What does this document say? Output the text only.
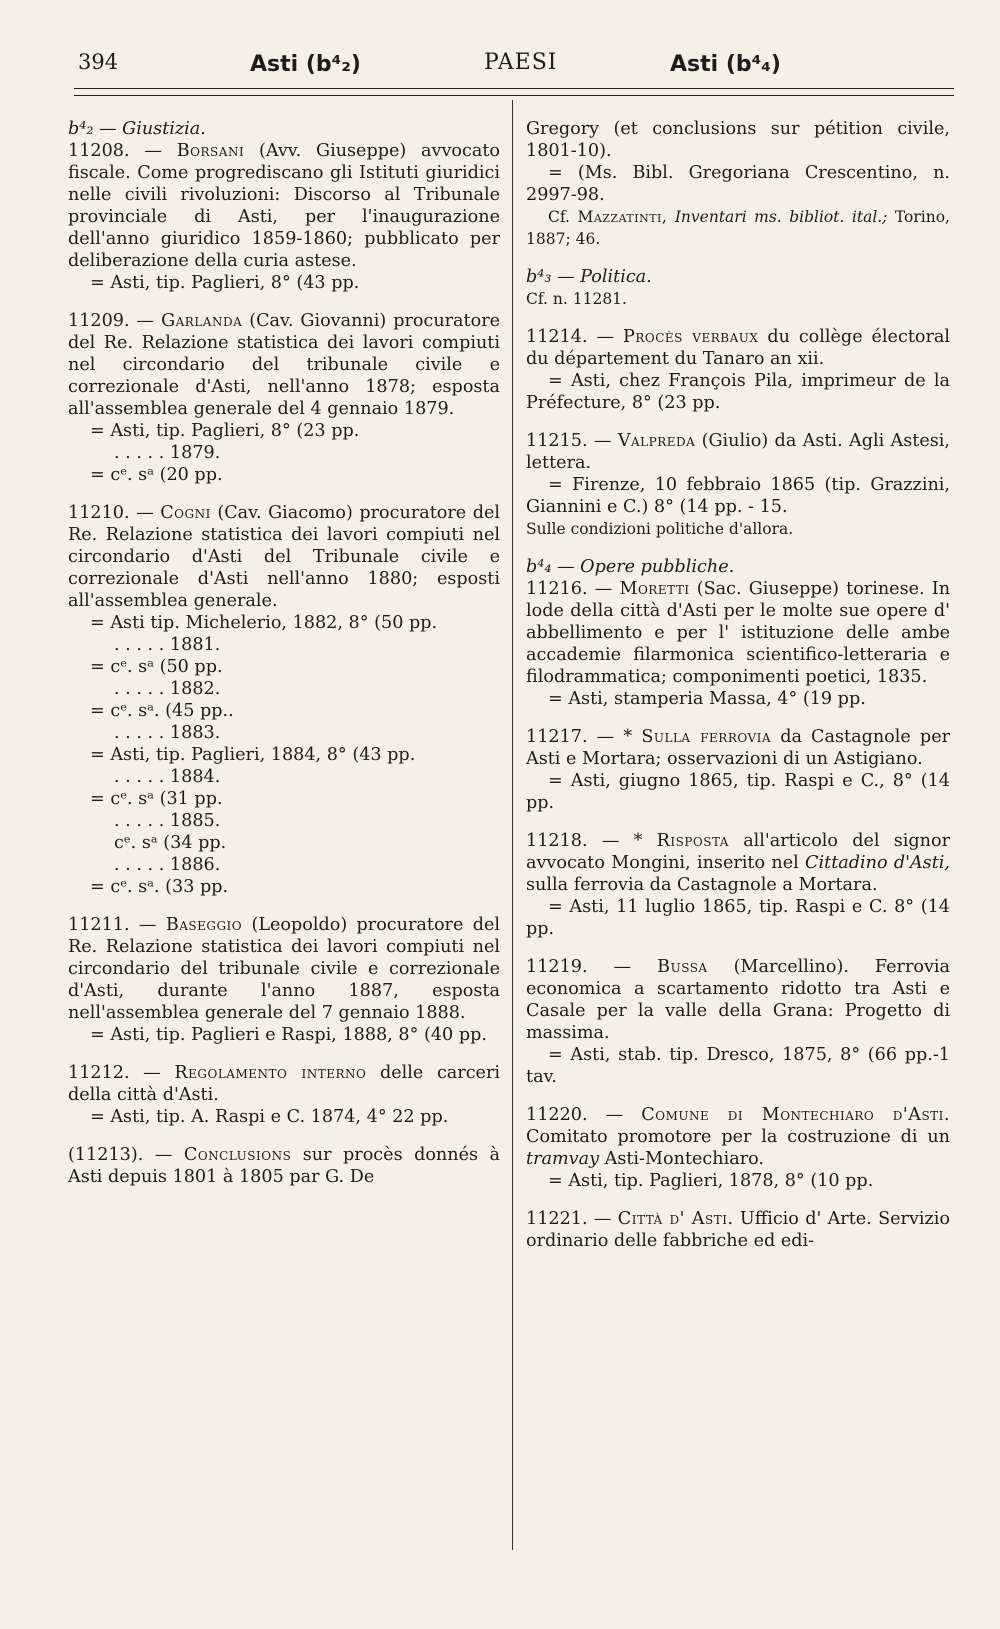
394	Asti (b⁴₂)	PAESI	Asti (b⁴₄)

b⁴₂ — Giustizia.

11208. — Borsani (Avv. Giuseppe) avvocato fiscale. Come progrediscano gli Istituti giuridici nelle civili rivoluzioni: Discorso al Tribunale provinciale di Asti, per l'inaugurazione dell'anno giuridico 1859-1860; pubblicato per deliberazione della curia astese.

= Asti, tip. Paglieri, 8° (43 pp.

11209. — Garlanda (Cav. Giovanni) procuratore del Re. Relazione statistica dei lavori compiuti nel circondario del tribunale civile e correzionale d'Asti, nell'anno 1878; esposta all'assemblea generale del 4 gennaio 1879.

= Asti, tip. Paglieri, 8° (23 pp.

. . . . . 1879.

= cᵉ. sᵃ (20 pp.

11210. — Cogni (Cav. Giacomo) procuratore del Re. Relazione statistica dei lavori compiuti nel circondario d'Asti del Tribunale civile e correzionale d'Asti nell'anno 1880; esposti all'assemblea generale.

= Asti tip. Michelerio, 1882, 8° (50 pp.

. . . . . 1881.

= cᵉ. sᵃ (50 pp.

. . . . . 1882.

= cᵉ. sᵃ. (45 pp..

. . . . . 1883.

= Asti, tip. Paglieri, 1884, 8° (43 pp.

. . . . . 1884.

= cᵉ. sᵃ (31 pp.

. . . . . 1885.

cᵉ. sᵃ (34 pp.

. . . . . 1886.

= cᵉ. sᵃ. (33 pp.

11211. — Baseggio (Leopoldo) procuratore del Re. Relazione statistica dei lavori compiuti nel circondario del tribunale civile e correzionale d'Asti, durante l'anno 1887, esposta nell'assemblea generale del 7 gennaio 1888.

= Asti, tip. Paglieri e Raspi, 1888, 8° (40 pp.

11212. — Regolamento interno delle carceri della città d'Asti.

= Asti, tip. A. Raspi e C. 1874, 4° 22 pp.

(11213). — Conclusions sur procès donnés à Asti depuis 1801 à 1805 par G. De

Gregory (et conclusions sur pétition civile, 1801-10).

= (Ms. Bibl. Gregoriana Crescentino, n. 2997-98.

Cf. Mazzatinti, Inventari ms. bibliot. ital.; Torino, 1887; 46.

b⁴₃ — Politica.

Cf. n. 11281.

11214. — Procès verbaux du collège électoral du département du Tanaro an xii.

= Asti, chez François Pila, imprimeur de la Préfecture, 8° (23 pp.

11215. — Valpreda (Giulio) da Asti. Agli Astesi, lettera.

= Firenze, 10 febbraio 1865 (tip. Grazzini, Giannini e C.) 8° (14 pp. - 15.

Sulle condizioni politiche d'allora.

b⁴₄ — Opere pubbliche.

11216. — Moretti (Sac. Giuseppe) torinese. In lode della città d'Asti per le molte sue opere d' abbellimento e per l' istituzione delle ambe accademie filarmonica scientifico-letteraria e filodrammatica; componimenti poetici, 1835.

= Asti, stamperia Massa, 4° (19 pp.

11217. — * Sulla ferrovia da Castagnole per Asti e Mortara; osservazioni di un Astigiano.

= Asti, giugno 1865, tip. Raspi e C., 8° (14 pp.

11218. — * Risposta all'articolo del signor avvocato Mongini, inserito nel Cittadino d'Asti, sulla ferrovia da Castagnole a Mortara.

= Asti, 11 luglio 1865, tip. Raspi e C. 8° (14 pp.

11219. — Bussa (Marcellino). Ferrovia economica a scartamento ridotto tra Asti e Casale per la valle della Grana: Progetto di massima.

= Asti, stab. tip. Dresco, 1875, 8° (66 pp.-1 tav.

11220. — Comune di Montechiaro d'Asti. Comitato promotore per la costruzione di un tramvay Asti-Montechiaro.

= Asti, tip. Paglieri, 1878, 8° (10 pp.

11221. — Città d' Asti. Ufficio d' Arte. Servizio ordinario delle fabbriche ed edi-
